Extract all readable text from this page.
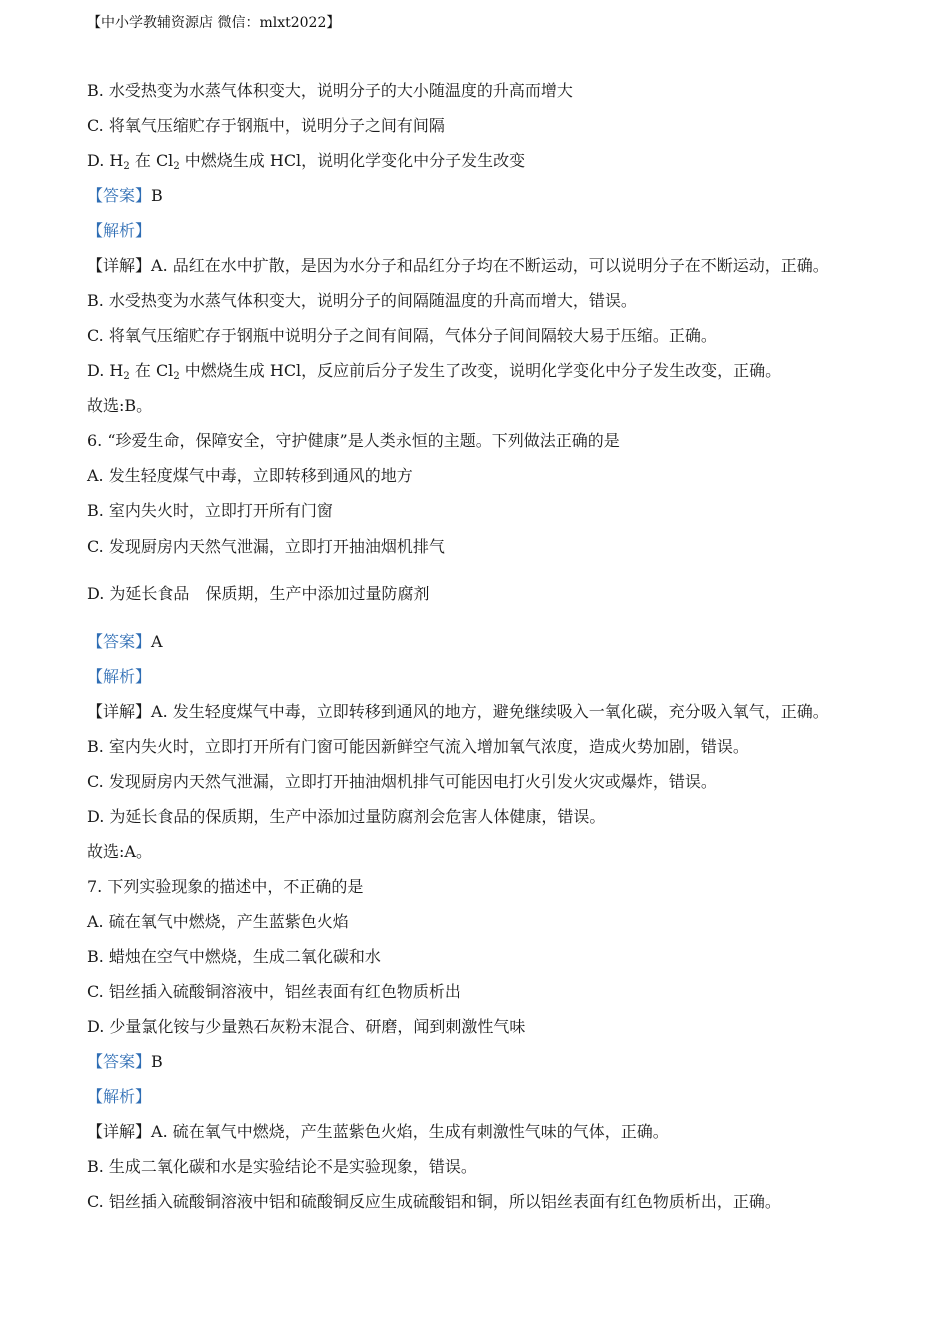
【中小学教辅资源店 微信：mlxt2022】
B. 水受热变为水蒸气体积变大，说明分子的大小随温度的升高而增大
C. 将氧气压缩贮存于钢瓶中，说明分子之间有间隔
D. $H_2$ 在 $Cl_2$ 中燃烧生成 HCl，说明化学变化中分子发生改变
【答案】B
【解析】
【详解】A. 品红在水中扩散，是因为水分子和品红分子均在不断运动，可以说明分子在不断运动，正确。
B. 水受热变为水蒸气体积变大，说明分子的间隔随温度的升高而增大，错误。
C. 将氧气压缩贮存于钢瓶中说明分子之间有间隔，气体分子间间隔较大易于压缩。正确。
D. $H_2$ 在 $Cl_2$ 中燃烧生成 HCl，反应前后分子发生了改变，说明化学变化中分子发生改变，正确。
故选:B。
6. “珍爱生命，保障安全，守护健康”是人类永恒的主题。下列做法正确的是
A. 发生轻度煤气中毒，立即转移到通风的地方
B. 室内失火时，立即打开所有门窗
C. 发现厨房内天然气泄漏，立即打开抽油烟机排气
D. 为延长食品 保质期，生产中添加过量防腐剂
【答案】A
【解析】
【详解】A. 发生轻度煤气中毒，立即转移到通风的地方，避免继续吸入一氧化碳，充分吸入氧气，正确。
B. 室内失火时，立即打开所有门窗可能因新鲜空气流入增加氧气浓度，造成火势加剧，错误。
C. 发现厨房内天然气泄漏，立即打开抽油烟机排气可能因电打火引发火灾或爆炸，错误。
D. 为延长食品的保质期，生产中添加过量防腐剂会危害人体健康，错误。
故选:A。
7. 下列实验现象的描述中，不正确的是
A. 硫在氧气中燃烧，产生蓝紫色火焰
B. 蜡烛在空气中燃烧，生成二氧化碳和水
C. 铝丝插入硫酸铜溶液中，铝丝表面有红色物质析出
D. 少量氯化铵与少量熟石灰粉末混合、研磨，闻到刺激性气味
【答案】B
【解析】
【详解】A. 硫在氧气中燃烧，产生蓝紫色火焰，生成有刺激性气味的气体，正确。
B. 生成二氧化碳和水是实验结论不是实验现象，错误。
C. 铝丝插入硫酸铜溶液中铝和硫酸铜反应生成硫酸铝和铜，所以铝丝表面有红色物质析出，正确。
